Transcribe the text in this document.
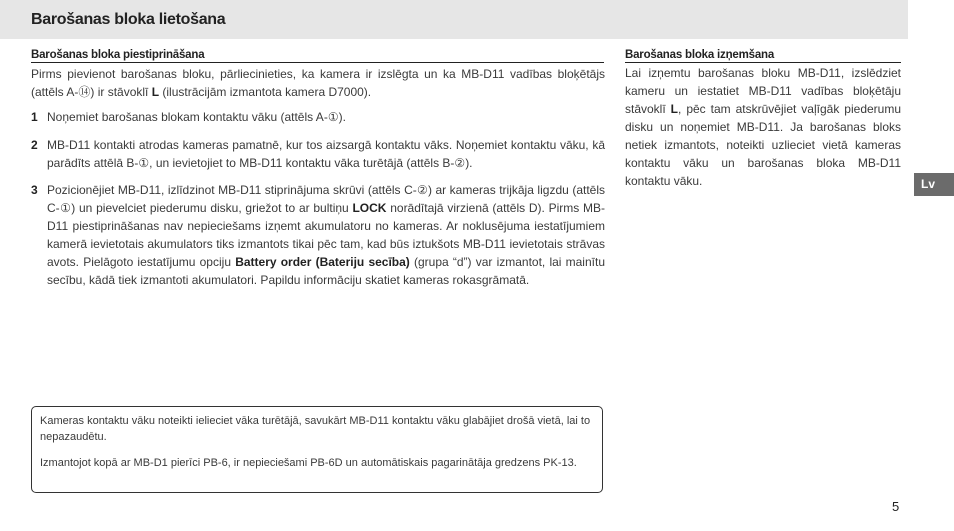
Barošanas bloka lietošana
Barošanas bloka piestiprināšana
Pirms pievienot barošanas bloku, pārliecinieties, ka kamera ir izslēgta un ka MB-D11 vadības bloķētājs (attēls A-⑭) ir stāvoklī L (ilustrācijām izmantota kamera D7000).
1 Noņemiet barošanas blokam kontaktu vāku (attēls A-①).
2 MB-D11 kontakti atrodas kameras pamatnē, kur tos aizsargā kontaktu vāks. Noņemiet kontaktu vāku, kā parādīts attēlā B-①, un ievietojiet to MB-D11 kontaktu vāka turētājā (attēls B-②).
3 Pozicionējiet MB-D11, izlīdzinot MB-D11 stiprinājuma skrūvi (attēls C-②) ar kameras trijkāja ligzdu (attēls C-①) un pievelciet piederumu disku, griežot to ar bultiņu LOCK norādītajā virzienā (attēls D). Pirms MB-D11 piestiprināšanas nav nepieciešams izņemt akumulatoru no kameras. Ar noklusējuma iestatījumiem kamerā ievietotais akumulators tiks izmantots tikai pēc tam, kad būs iztukšots MB-D11 ievietotais strāvas avots. Pielāgoto iestatījumu opciju Battery order (Bateriju secība) (grupa “d”) var izmantot, lai mainītu secību, kādā tiek izmantoti akumulatori. Papildu informāciju skatiet kameras rokasgrāmatā.
Barošanas bloka izņemšana
Lai izņemtu barošanas bloku MB-D11, izslēdziet kameru un iestatiet MB-D11 vadības bloķētāju stāvoklī L, pēc tam atskrūvējiet vaļīgāk piederumu disku un noņemiet MB-D11. Ja barošanas bloks netiek izmantots, noteikti uzlieciet vietā kameras kontaktu vāku un barošanas bloka MB-D11 kontaktu vāku.

Kameras kontaktu vāku noteikti ielieciet vāka turētājā, savukārt MB-D11 kontaktu vāku glabājiet drošā vietā, lai to nepazaudētu.

Izmantojot kopā ar MB-D1 pierīci PB-6, ir nepieciešami PB-6D un automātiskais pagarinātāja gredzens PK-13.

Lv
5
